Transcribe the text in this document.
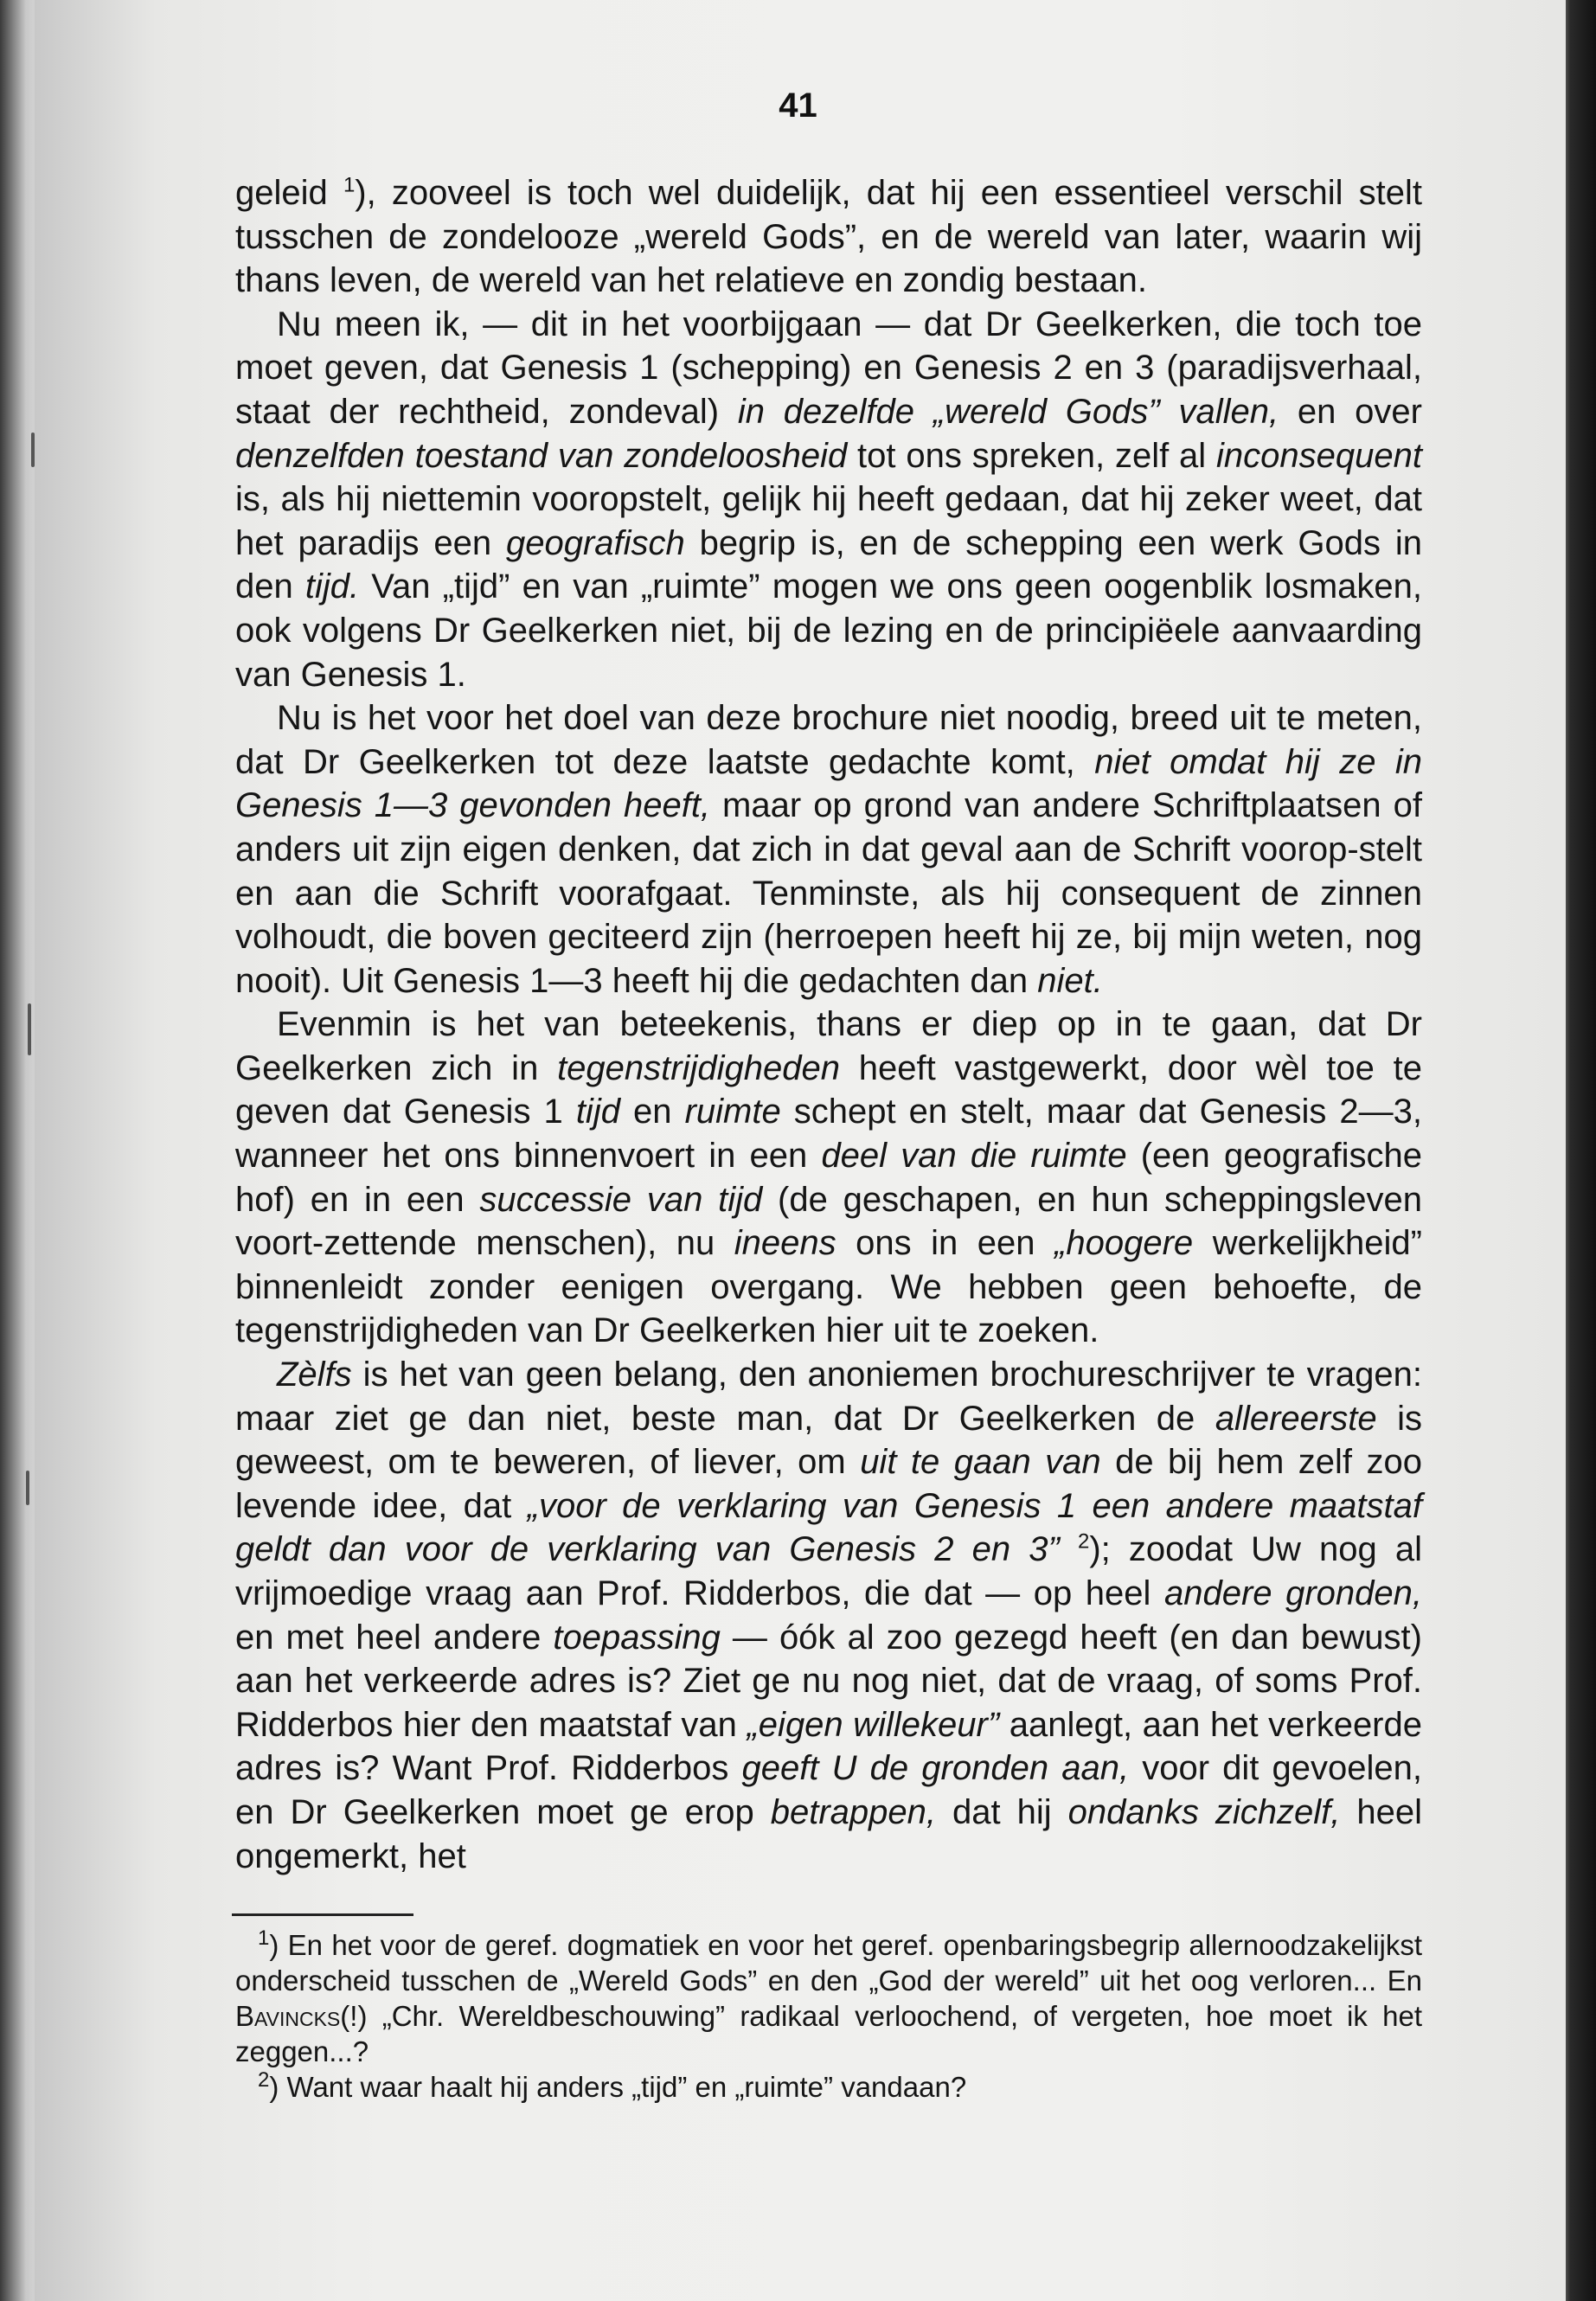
41

geleid $^1$), zooveel is toch wel duidelijk, dat hij een essentieel verschil stelt tusschen de zondelooze „wereld Gods”, en de wereld van later, waarin wij thans leven, de wereld van het relatieve en zondig bestaan.

Nu meen ik, — dit in het voorbijgaan — dat Dr Geelkerken, die toch toe moet geven, dat Genesis 1 (schepping) en Genesis 2 en 3 (paradijsverhaal, staat der rechtheid, zondeval) in dezelfde „wereld Gods” vallen, en over denzelfden toestand van zondeloosheid tot ons spreken, zelf al inconsequent is, als hij niettemin vooropstelt, gelijk hij heeft gedaan, dat hij zeker weet, dat het paradijs een geografisch begrip is, en de schepping een werk Gods in den tijd. Van „tijd” en van „ruimte” mogen we ons geen oogenblik losmaken, ook volgens Dr Geelkerken niet, bij de lezing en de principiëele aanvaarding van Genesis 1.

Nu is het voor het doel van deze brochure niet noodig, breed uit te meten, dat Dr Geelkerken tot deze laatste gedachte komt, niet omdat hij ze in Genesis 1—3 gevonden heeft, maar op grond van andere Schriftplaatsen of anders uit zijn eigen denken, dat zich in dat geval aan de Schrift voorop-stelt en aan die Schrift voorafgaat. Tenminste, als hij consequent de zinnen volhoudt, die boven geciteerd zijn (herroepen heeft hij ze, bij mijn weten, nog nooit). Uit Genesis 1—3 heeft hij die gedachten dan niet.

Evenmin is het van beteekenis, thans er diep op in te gaan, dat Dr Geelkerken zich in tegenstrijdigheden heeft vastgewerkt, door wèl toe te geven dat Genesis 1 tijd en ruimte schept en stelt, maar dat Genesis 2—3, wanneer het ons binnenvoert in een deel van die ruimte (een geografische hof) en in een successie van tijd (de geschapen, en hun scheppingsleven voort-zettende menschen), nu ineens ons in een „hoogere werkelijkheid” binnenleidt zonder eenigen overgang. We hebben geen behoefte, de tegenstrijdigheden van Dr Geelkerken hier uit te zoeken.

Zèlfs is het van geen belang, den anoniemen brochureschrijver te vragen: maar ziet ge dan niet, beste man, dat Dr Geelkerken de allereerste is geweest, om te beweren, of liever, om uit te gaan van de bij hem zelf zoo levende idee, dat „voor de verklaring van Genesis 1 een andere maatstaf geldt dan voor de verklaring van Genesis 2 en 3” $^2$); zoodat Uw nog al vrijmoedige vraag aan Prof. Ridderbos, die dat — op heel andere gronden, en met heel andere toepassing — óók al zoo gezegd heeft (en dan bewust) aan het verkeerde adres is? Ziet ge nu nog niet, dat de vraag, of soms Prof. Ridderbos hier den maatstaf van „eigen willekeur” aanlegt, aan het verkeerde adres is? Want Prof. Ridderbos geeft U de gronden aan, voor dit gevoelen, en Dr Geelkerken moet ge erop betrappen, dat hij ondanks zichzelf, heel ongemerkt, het

$^1$) En het voor de geref. dogmatiek en voor het geref. openbaringsbegrip allernoodzakelijkst onderscheid tusschen de „Wereld Gods” en den „God der wereld” uit het oog verloren... En Bavincks(!) „Chr. Wereldbeschouwing” radikaal verloochend, of vergeten, hoe moet ik het zeggen...?

$^2$) Want waar haalt hij anders „tijd” en „ruimte” vandaan?
